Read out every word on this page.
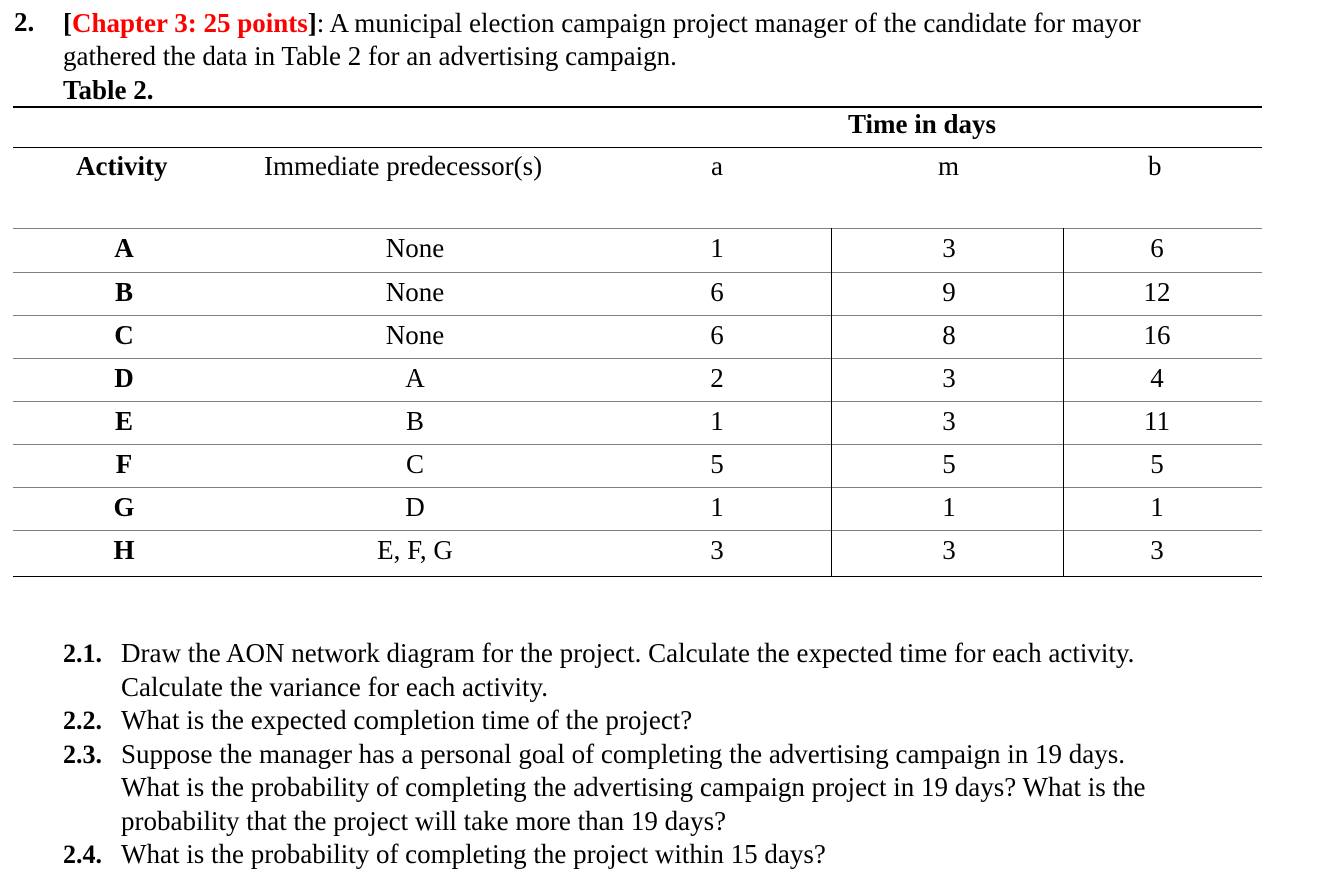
2. [Chapter 3: 25 points]: A municipal election campaign project manager of the candidate for mayor
gathered the data in Table 2 for an advertising campaign.
Table 2.
Time in days
Activity	Immediate predecessor(s)	a	m	b
A	None	1	3	6
B	None	6	9	12
C	None	6	8	16
D	A	2	3	4
E	B	1	3	11
F	C	5	5	5
G	D	1	1	1
H	E, F, G	3	3	3
2.1. Draw the AON network diagram for the project. Calculate the expected time for each activity.
Calculate the variance for each activity.
2.2. What is the expected completion time of the project?
2.3. Suppose the manager has a personal goal of completing the advertising campaign in 19 days.
What is the probability of completing the advertising campaign project in 19 days? What is the
probability that the project will take more than 19 days?
2.4. What is the probability of completing the project within 15 days?
